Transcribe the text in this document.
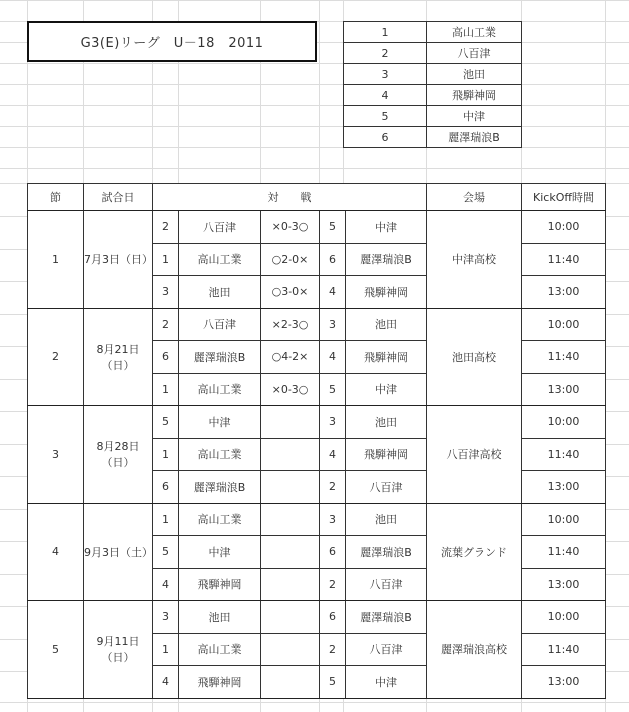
G3(E)リーグ　U－18　2011
1	高山工業
2	八百津
3	池田
4	飛騨神岡
5	中津
6	麗澤瑞浪B
節	試合日	対　　戦					会場	KickOff時間
1	7月3日（日）	2	八百津	×0-3○	5	中津	中津高校	10:00
		1	高山工業	○2-0×	6	麗澤瑞浪B		11:40
		3	池田	○3-0×	4	飛騨神岡		13:00
2	8月21日（日）	2	八百津	×2-3○	3	池田	池田高校	10:00
		6	麗澤瑞浪B	○4-2×	4	飛騨神岡		11:40
		1	高山工業	×0-3○	5	中津		13:00
3	8月28日（日）	5	中津		3	池田	八百津高校	10:00
		1	高山工業		4	飛騨神岡		11:40
		6	麗澤瑞浪B		2	八百津		13:00
4	9月3日（土）	1	高山工業		3	池田	流葉グランド	10:00
		5	中津		6	麗澤瑞浪B		11:40
		4	飛騨神岡		2	八百津		13:00
5	9月11日（日）	3	池田		6	麗澤瑞浪B	麗澤瑞浪高校	10:00
		1	高山工業		2	八百津		11:40
		4	飛騨神岡		5	中津		13:00
